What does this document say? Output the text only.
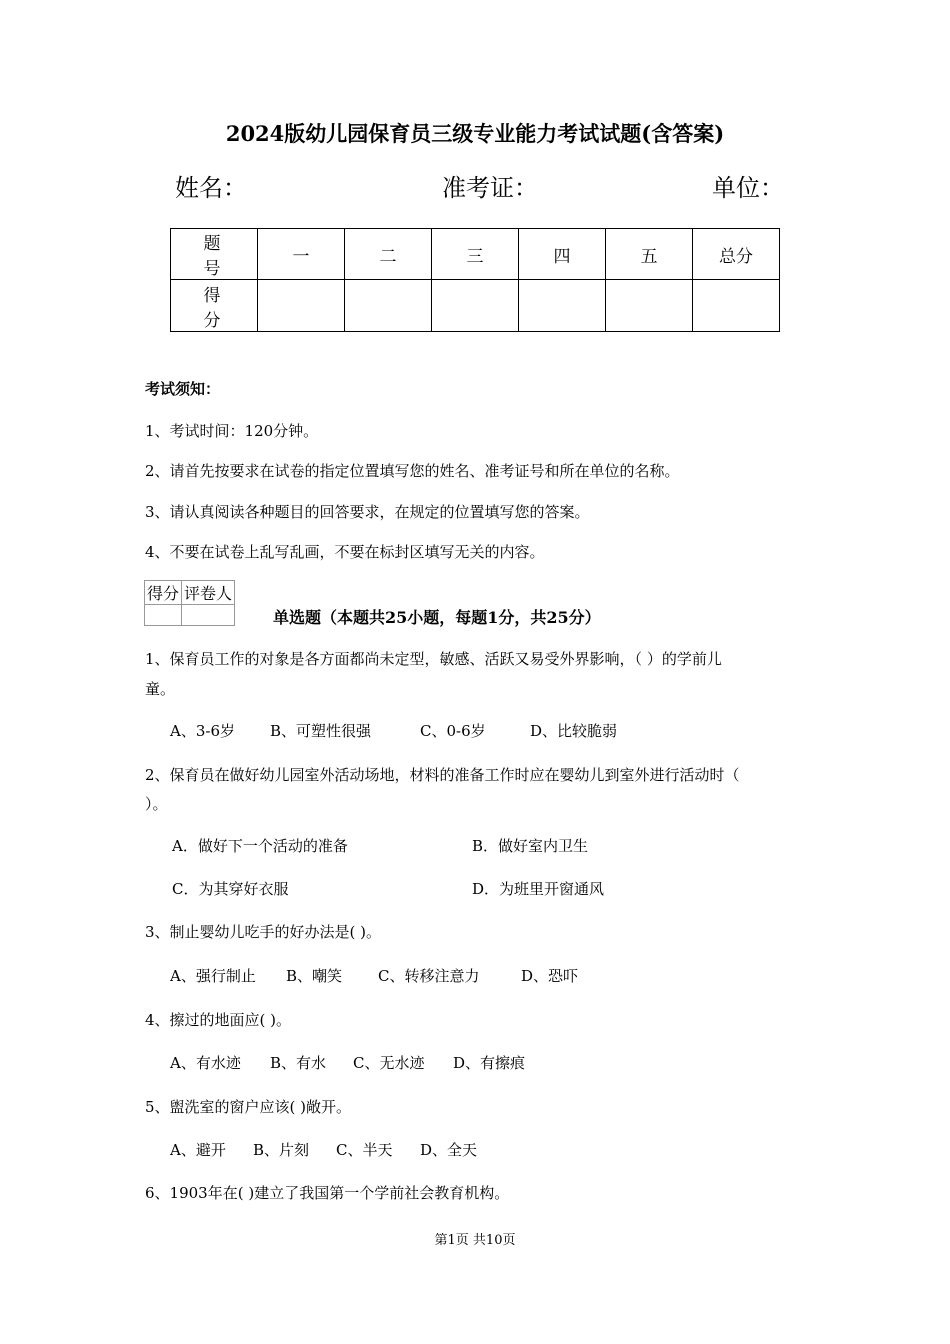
2024版幼儿园保育员三级专业能力考试试题(含答案)
姓名：	准考证：	单位：
题号	一	二	三	四	五	总分
得分						
考试须知：
1、考试时间：120分钟。
2、请首先按要求在试卷的指定位置填写您的姓名、准考证号和所在单位的名称。
3、请认真阅读各种题目的回答要求，在规定的位置填写您的答案。
4、不要在试卷上乱写乱画，不要在标封区填写无关的内容。
得分	评卷人

单选题（本题共25小题，每题1分，共25分）
1、保育员工作的对象是各方面都尚未定型，敏感、活跃又易受外界影响，（ ）的学前儿
童。
A、3-6岁 B、可塑性很强	C、0-6岁	D、比较脆弱
2、保育员在做好幼儿园室外活动场地，材料的准备工作时应在婴幼儿到室外进行活动时（
）。
A．做好下一个活动的准备	B．做好室内卫生
C．为其穿好衣服	D．为班里开窗通风
3、制止婴幼儿吃手的好办法是( )。
A、强行制止 B、嘲笑 C、转移注意力	D、恐吓
4、擦过的地面应( )。
A、有水迹 B、有水 C、无水迹 D、有擦痕
5、盥洗室的窗户应该( )敞开。
A、避开 B、片刻 C、半天 D、全天
6、1903年在( )建立了我国第一个学前社会教育机构。
第1页 共10页
